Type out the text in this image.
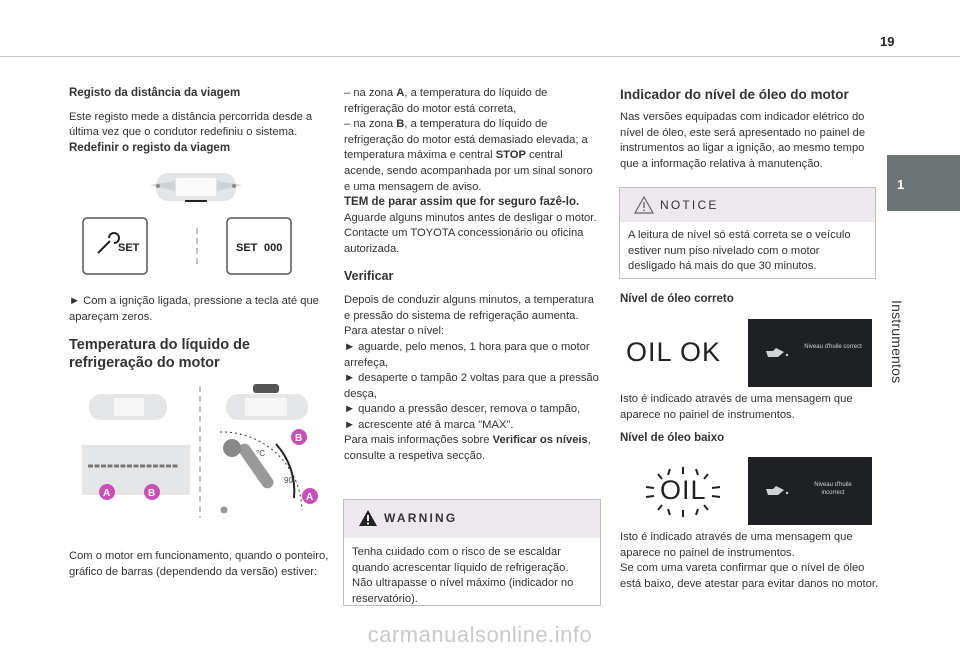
19
1
Instrumentos

Registo da distância da viagem

Este registo mede a distância percorrida desde a última vez que o condutor redefiniu o sistema.

Redefinir o registo da viagem

SET	SET 000

► Com a ignição ligada, pressione a tecla até que apareçam zeros.

Temperatura do líquido de refrigeração do motor

A	B
°C
90
B
A
Com o motor em funcionamento, quando o ponteiro, gráfico de barras (dependendo da versão) estiver:

– na zona A, a temperatura do líquido de refrigeração do motor está correta,

– na zona B, a temperatura do líquido de refrigeração do motor está demasiado elevada; a temperatura máxima e central STOP central acende, sendo acompanhada por um sinal sonoro e uma mensagem de aviso.

TEM de parar assim que for seguro fazê-lo.

Aguarde alguns minutos antes de desligar o motor.

Contacte um TOYOTA concessionário ou oficina autorizada.

Verificar

Depois de conduzir alguns minutos, a temperatura e pressão do sistema de refrigeração aumenta.

Para atestar o nível:

► aguarde, pelo menos, 1 hora para que o motor arrefeça,

► desaperte o tampão 2 voltas para que a pressão desça,

► quando a pressão descer, remova o tampão,

► acrescente até à marca "MAX".

Para mais informações sobre Verificar os níveis, consulte a respetiva secção.

WARNING
Tenha cuidado com o risco de se escaldar quando acrescentar líquido de refrigeração. Não ultrapasse o nível máximo (indicador no reservatório).

Indicador do nível de óleo do motor

Nas versões equipadas com indicador elétrico do nível de óleo, este será apresentado no painel de instrumentos ao ligar a ignição, ao mesmo tempo que a informação relativa à manutenção.

NOTICE
A leitura de nível só está correta se o veículo estiver num piso nivelado com o motor desligado há mais do que 30 minutos.

Nível de óleo correto

OIL OK	Niveau d'huile correct

Isto é indicado através de uma mensagem que aparece no painel de instrumentos.

Nível de óleo baixo

OIL	Niveau d'huile incorrect

Isto é indicado através de uma mensagem que aparece no painel de instrumentos.

Se com uma vareta confirmar que o nível de óleo está baixo, deve atestar para evitar danos no motor.

carmanualsonline.info
